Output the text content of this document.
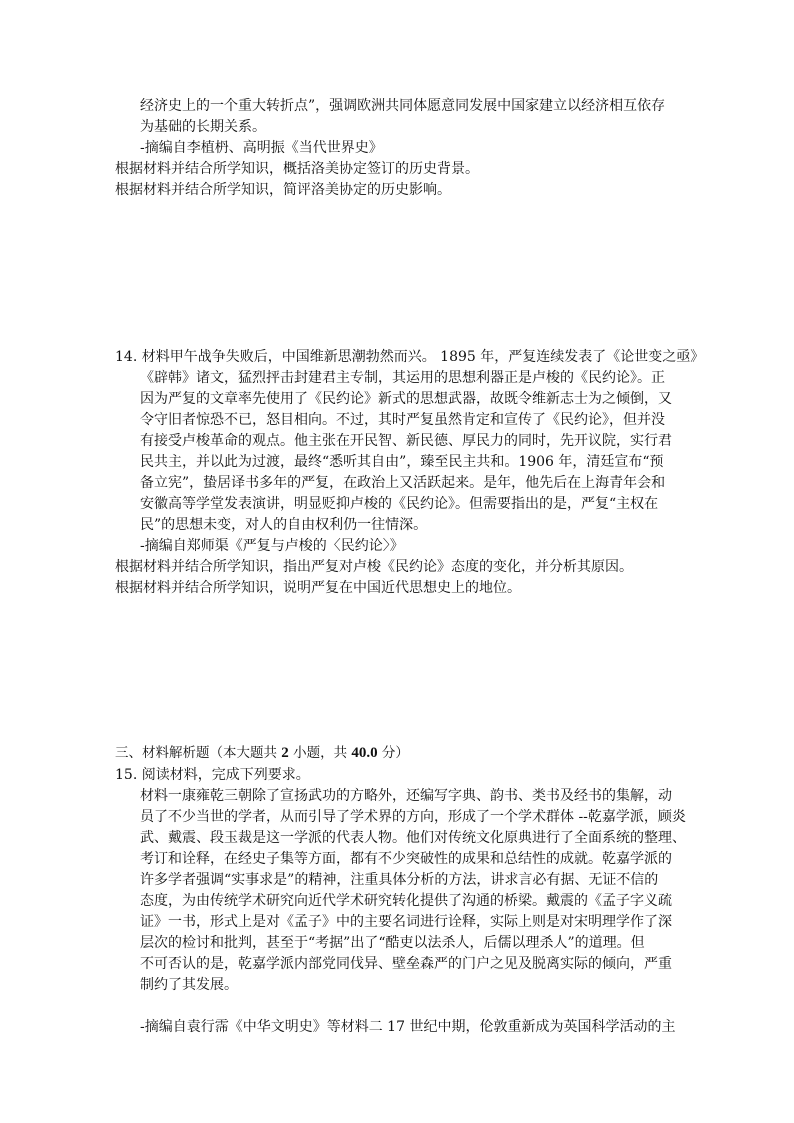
经济史上的一个重大转折点”，强调欧洲共同体愿意同发展中国家建立以经济相互依存
为基础的长期关系。
-摘编自李植枬、高明振《当代世界史》
根据材料并结合所学知识，概括洛美协定签订的历史背景。
根据材料并结合所学知识，简评洛美协定的历史影响。
14. 材料甲午战争失败后，中国维新思潮勃然而兴。 1895 年，严复连续发表了《论世变之亟》
《辟韩》诸文，猛烈抨击封建君主专制，其运用的思想利器正是卢梭的《民约论》。正
因为严复的文章率先使用了《民约论》新式的思想武器，故既令维新志士为之倾倒，又
令守旧者惊恐不已，怒目相向。不过，其时严复虽然肯定和宣传了《民约论》，但并没
有接受卢梭革命的观点。他主张在开民智、新民德、厚民力的同时，先开议院，实行君
民共主，并以此为过渡，最终“悉听其自由”，臻至民主共和。1906 年，清廷宣布“预
备立宪”，蛰居译书多年的严复，在政治上又活跃起来。是年，他先后在上海青年会和
安徽高等学堂发表演讲，明显贬抑卢梭的《民约论》。但需要指出的是，严复“主权在
民”的思想未变，对人的自由权利仍一往情深。
-摘编自郑师渠《严复与卢梭的〈民约论〉》
根据材料并结合所学知识，指出严复对卢梭《民约论》态度的变化，并分析其原因。
根据材料并结合所学知识，说明严复在中国近代思想史上的地位。
三、材料解析题（本大题共 2 小题，共 40.0 分）
15. 阅读材料，完成下列要求。
材料一康雍乾三朝除了宣扬武功的方略外，还编写字典、韵书、类书及经书的集解，动
员了不少当世的学者，从而引导了学术界的方向，形成了一个学术群体 --乾嘉学派，顾炎
武、戴震、段玉裁是这一学派的代表人物。他们对传统文化原典进行了全面系统的整理、
考订和诠释，在经史子集等方面，都有不少突破性的成果和总结性的成就。乾嘉学派的
许多学者强调“实事求是”的精神，注重具体分析的方法，讲求言必有据、无证不信的
态度，为由传统学术研究向近代学术研究转化提供了沟通的桥梁。戴震的《孟子字义疏
证》一书，形式上是对《孟子》中的主要名词进行诠释，实际上则是对宋明理学作了深
层次的检讨和批判，甚至于“考据”出了“酷吏以法杀人，后儒以理杀人”的道理。但
不可否认的是，乾嘉学派内部党同伐异、壁垒森严的门户之见及脱离实际的倾向，严重
制约了其发展。
-摘编自袁行霈《中华文明史》等材料二 17 世纪中期，伦敦重新成为英国科学活动的主
